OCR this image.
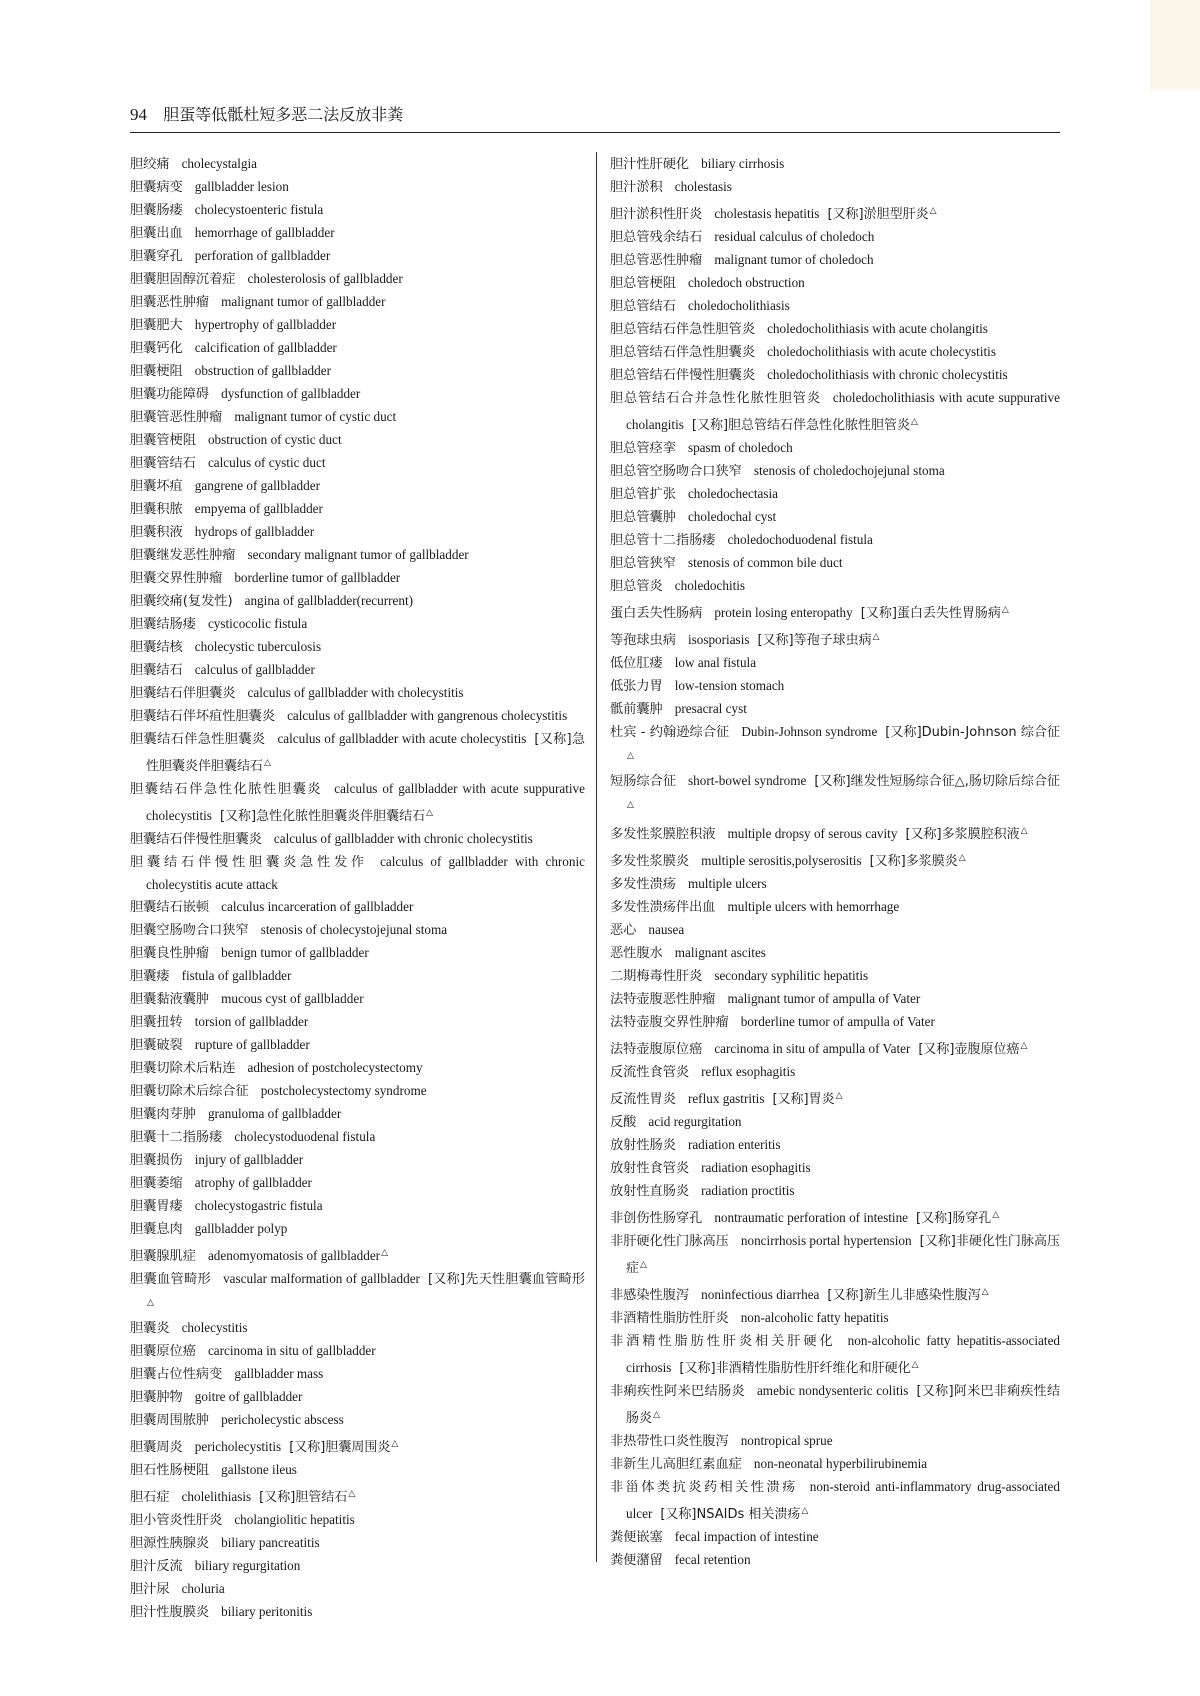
94 胆蛋等低骶杜短多恶二法反放非粪

胆绞痛 cholecystalgia

胆囊病变 gallbladder lesion

胆囊肠瘘 cholecystoenteric fistula

胆囊出血 hemorrhage of gallbladder

胆囊穿孔 perforation of gallbladder

胆囊胆固醇沉着症 cholesterolosis of gallbladder

胆囊恶性肿瘤 malignant tumor of gallbladder

胆囊肥大 hypertrophy of gallbladder

胆囊钙化 calcification of gallbladder

胆囊梗阻 obstruction of gallbladder

胆囊功能障碍 dysfunction of gallbladder

胆囊管恶性肿瘤 malignant tumor of cystic duct

胆囊管梗阻 obstruction of cystic duct

胆囊管结石 calculus of cystic duct

胆囊坏疽 gangrene of gallbladder

胆囊积脓 empyema of gallbladder

胆囊积液 hydrops of gallbladder

胆囊继发恶性肿瘤 secondary malignant tumor of gallbladder

胆囊交界性肿瘤 borderline tumor of gallbladder

胆囊绞痛(复发性) angina of gallbladder(recurrent)

胆囊结肠瘘 cysticocolic fistula

胆囊结核 cholecystic tuberculosis

胆囊结石 calculus of gallbladder

胆囊结石伴胆囊炎 calculus of gallbladder with cholecystitis

胆囊结石伴坏疽性胆囊炎 calculus of gallbladder with gangrenous cholecystitis

胆囊结石伴急性胆囊炎 calculus of gallbladder with acute cholecystitis [又称]急性胆囊炎伴胆囊结石△

胆囊结石伴急性化脓性胆囊炎 calculus of gallbladder with acute suppurative cholecystitis [又称]急性化脓性胆囊炎伴胆囊结石△

胆囊结石伴慢性胆囊炎 calculus of gallbladder with chronic cholecystitis

胆囊结石伴慢性胆囊炎急性发作 calculus of gallbladder with chronic cholecystitis acute attack

胆囊结石嵌顿 calculus incarceration of gallbladder

胆囊空肠吻合口狭窄 stenosis of cholecystojejunal stoma

胆囊良性肿瘤 benign tumor of gallbladder

胆囊瘘 fistula of gallbladder

胆囊黏液囊肿 mucous cyst of gallbladder

胆囊扭转 torsion of gallbladder

胆囊破裂 rupture of gallbladder

胆囊切除术后粘连 adhesion of postcholecystectomy

胆囊切除术后综合征 postcholecystectomy syndrome

胆囊肉芽肿 granuloma of gallbladder

胆囊十二指肠瘘 cholecystoduodenal fistula

胆囊损伤 injury of gallbladder

胆囊萎缩 atrophy of gallbladder

胆囊胃瘘 cholecystogastric fistula

胆囊息肉 gallbladder polyp

胆囊腺肌症 adenomyomatosis of gallbladder△

胆囊血管畸形 vascular malformation of gallbladder [又称]先天性胆囊血管畸形△

胆囊炎 cholecystitis

胆囊原位癌 carcinoma in situ of gallbladder

胆囊占位性病变 gallbladder mass

胆囊肿物 goitre of gallbladder

胆囊周围脓肿 pericholecystic abscess

胆囊周炎 pericholecystitis [又称]胆囊周围炎△

胆石性肠梗阻 gallstone ileus

胆石症 cholelithiasis [又称]胆管结石△

胆小管炎性肝炎 cholangiolitic hepatitis

胆源性胰腺炎 biliary pancreatitis

胆汁反流 biliary regurgitation

胆汁尿 choluria

胆汁性腹膜炎 biliary peritonitis

胆汁性肝硬化 biliary cirrhosis

胆汁淤积 cholestasis

胆汁淤积性肝炎 cholestasis hepatitis [又称]淤胆型肝炎△

胆总管残余结石 residual calculus of choledoch

胆总管恶性肿瘤 malignant tumor of choledoch

胆总管梗阻 choledoch obstruction

胆总管结石 choledocholithiasis

胆总管结石伴急性胆管炎 choledocholithiasis with acute cholangitis

胆总管结石伴急性胆囊炎 choledocholithiasis with acute cholecystitis

胆总管结石伴慢性胆囊炎 choledocholithiasis with chronic cholecystitis

胆总管结石合并急性化脓性胆管炎 choledocholithiasis with acute suppurative cholangitis [又称]胆总管结石伴急性化脓性胆管炎△

胆总管痉挛 spasm of choledoch

胆总管空肠吻合口狭窄 stenosis of choledochojejunal stoma

胆总管扩张 choledochectasia

胆总管囊肿 choledochal cyst

胆总管十二指肠瘘 choledochoduodenal fistula

胆总管狭窄 stenosis of common bile duct

胆总管炎 choledochitis

蛋白丢失性肠病 protein losing enteropathy [又称]蛋白丢失性胃肠病△

等孢球虫病 isosporiasis [又称]等孢子球虫病△

低位肛瘘 low anal fistula

低张力胃 low-tension stomach

骶前囊肿 presacral cyst

杜宾 - 约翰逊综合征 Dubin-Johnson syndrome [又称]Dubin-Johnson 综合征△

短肠综合征 short-bowel syndrome [又称]继发性短肠综合征△,肠切除后综合征△

多发性浆膜腔积液 multiple dropsy of serous cavity [又称]多浆膜腔积液△

多发性浆膜炎 multiple serositis,polyserositis [又称]多浆膜炎△

多发性溃疡 multiple ulcers

多发性溃疡伴出血 multiple ulcers with hemorrhage

恶心 nausea

恶性腹水 malignant ascites

二期梅毒性肝炎 secondary syphilitic hepatitis

法特壶腹恶性肿瘤 malignant tumor of ampulla of Vater

法特壶腹交界性肿瘤 borderline tumor of ampulla of Vater

法特壶腹原位癌 carcinoma in situ of ampulla of Vater [又称]壶腹原位癌△

反流性食管炎 reflux esophagitis

反流性胃炎 reflux gastritis [又称]胃炎△

反酸 acid regurgitation

放射性肠炎 radiation enteritis

放射性食管炎 radiation esophagitis

放射性直肠炎 radiation proctitis

非创伤性肠穿孔 nontraumatic perforation of intestine [又称]肠穿孔△

非肝硬化性门脉高压 noncirrhosis portal hypertension [又称]非硬化性门脉高压症△

非感染性腹泻 noninfectious diarrhea [又称]新生儿非感染性腹泻△

非酒精性脂肪性肝炎 non-alcoholic fatty hepatitis

非酒精性脂肪性肝炎相关肝硬化 non-alcoholic fatty hepatitis-associated cirrhosis [又称]非酒精性脂肪性肝纤维化和肝硬化△

非痢疾性阿米巴结肠炎 amebic nondysenteric colitis [又称]阿米巴非痢疾性结肠炎△

非热带性口炎性腹泻 nontropical sprue

非新生儿高胆红素血症 non-neonatal hyperbilirubinemia

非甾体类抗炎药相关性溃疡 non-steroid anti-inflammatory drug-associated ulcer [又称]NSAIDs 相关溃疡△

粪便嵌塞 fecal impaction of intestine

粪便潴留 fecal retention
